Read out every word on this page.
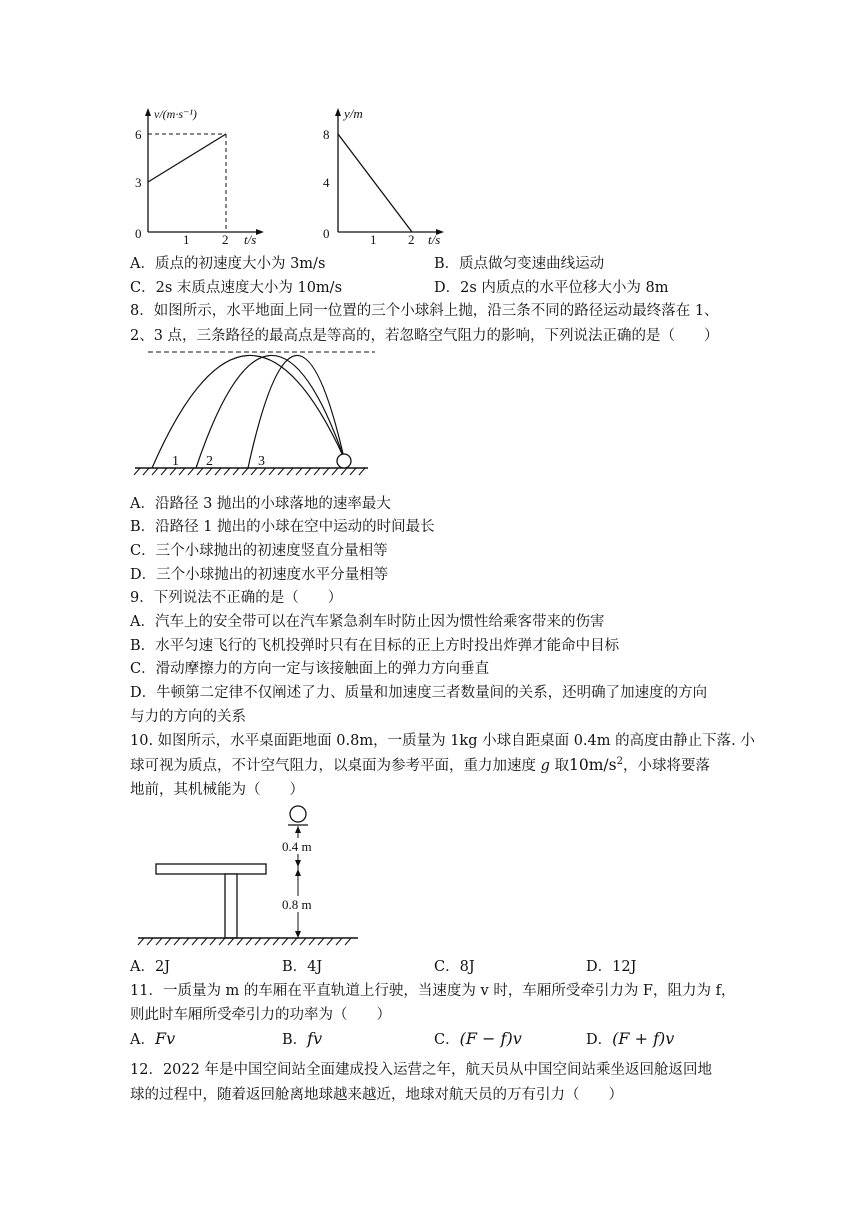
v/(m·s⁻¹)
6
3
0	1	2 t/s
y/m
8
4
0	1 2 t/s
A．质点的初速度大小为 3m/s	B．质点做匀变速曲线运动
C．2s 末质点速度大小为 10m/s	D．2s 内质点的水平位移大小为 8m
8．如图所示，水平地面上同一位置的三个小球斜上抛，沿三条不同的路径运动最终落在 1、
2、3 点，三条路径的最高点是等高的，若忽略空气阻力的影响，下列说法正确的是（　　）
1 2	3
A．沿路径 3 抛出的小球落地的速率最大
B．沿路径 1 抛出的小球在空中运动的时间最长
C．三个小球抛出的初速度竖直分量相等
D．三个小球抛出的初速度水平分量相等
9．下列说法不正确的是（　　）
A．汽车上的安全带可以在汽车紧急刹车时防止因为惯性给乘客带来的伤害
B．水平匀速飞行的飞机投弹时只有在目标的正上方时投出炸弹才能命中目标
C．滑动摩擦力的方向一定与该接触面上的弹力方向垂直
D．牛顿第二定律不仅阐述了力、质量和加速度三者数量间的关系，还明确了加速度的方向
与力的方向的关系
10. 如图所示，水平桌面距地面 0.8m，一质量为 1kg 小球自距桌面 0.4m 的高度由静止下落. 小
球可视为质点，不计空气阻力，以桌面为参考平面，重力加速度 g 取$10m/s^2$，小球将要落
地前，其机械能为（　　）
0.4 m
0.8 m
A．2J	B．4J	C．8J	D．12J
11．一质量为 m 的车厢在平直轨道上行驶，当速度为 v 时，车厢所受牵引力为 F，阻力为 f，
则此时车厢所受牵引力的功率为（　　）
A．Fv	B．fv	C．(F − f)v	D．(F + f)v
12．2022 年是中国空间站全面建成投入运营之年，航天员从中国空间站乘坐返回舱返回地
球的过程中，随着返回舱离地球越来越近，地球对航天员的万有引力（　　）
